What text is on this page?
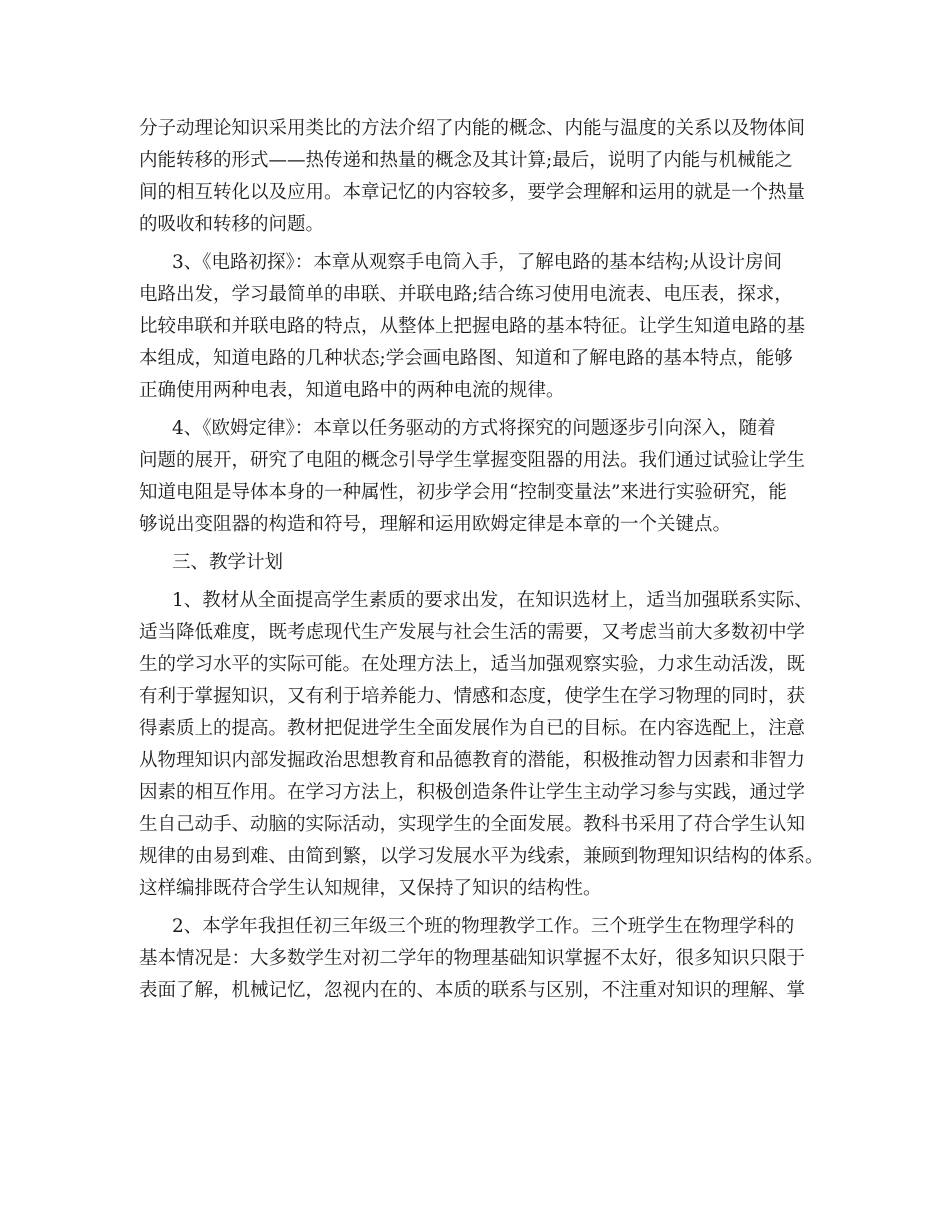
分子动理论知识采用类比的方法介绍了内能的概念、内能与温度的关系以及物体间
内能转移的形式——热传递和热量的概念及其计算;最后，说明了内能与机械能之
间的相互转化以及应用。本章记忆的内容较多，要学会理解和运用的就是一个热量
的吸收和转移的问题。
3、《电路初探》：本章从观察手电筒入手，了解电路的基本结构;从设计房间
电路出发，学习最简单的串联、并联电路;结合练习使用电流表、电压表，探求，
比较串联和并联电路的特点，从整体上把握电路的基本特征。让学生知道电路的基
本组成，知道电路的几种状态;学会画电路图、知道和了解电路的基本特点，能够
正确使用两种电表，知道电路中的两种电流的规律。
4、《欧姆定律》：本章以任务驱动的方式将探究的问题逐步引向深入，随着
问题的展开，研究了电阻的概念引导学生掌握变阻器的用法。我们通过试验让学生
知道电阻是导体本身的一种属性，初步学会用“控制变量法”来进行实验研究，能
够说出变阻器的构造和符号，理解和运用欧姆定律是本章的一个关键点。
三、教学计划
1、教材从全面提高学生素质的要求出发，在知识选材上，适当加强联系实际、
适当降低难度，既考虑现代生产发展与社会生活的需要，又考虑当前大多数初中学
生的学习水平的实际可能。在处理方法上，适当加强观察实验，力求生动活泼，既
有利于掌握知识，又有利于培养能力、情感和态度，使学生在学习物理的同时，获
得素质上的提高。教材把促进学生全面发展作为自已的目标。在内容选配上，注意
从物理知识内部发掘政治思想教育和品德教育的潜能，积极推动智力因素和非智力
因素的相互作用。在学习方法上，积极创造条件让学生主动学习参与实践，通过学
生自己动手、动脑的实际活动，实现学生的全面发展。教科书采用了苻合学生认知
规律的由易到难、由简到繁，以学习发展水平为线索，兼顾到物理知识结构的体系。
这样编排既苻合学生认知规律，又保持了知识的结构性。
2、本学年我担任初三年级三个班的物理教学工作。三个班学生在物理学科的
基本情况是：大多数学生对初二学年的物理基础知识掌握不太好，很多知识只限于
表面了解，机械记忆，忽视内在的、本质的联系与区别，不注重对知识的理解、掌
